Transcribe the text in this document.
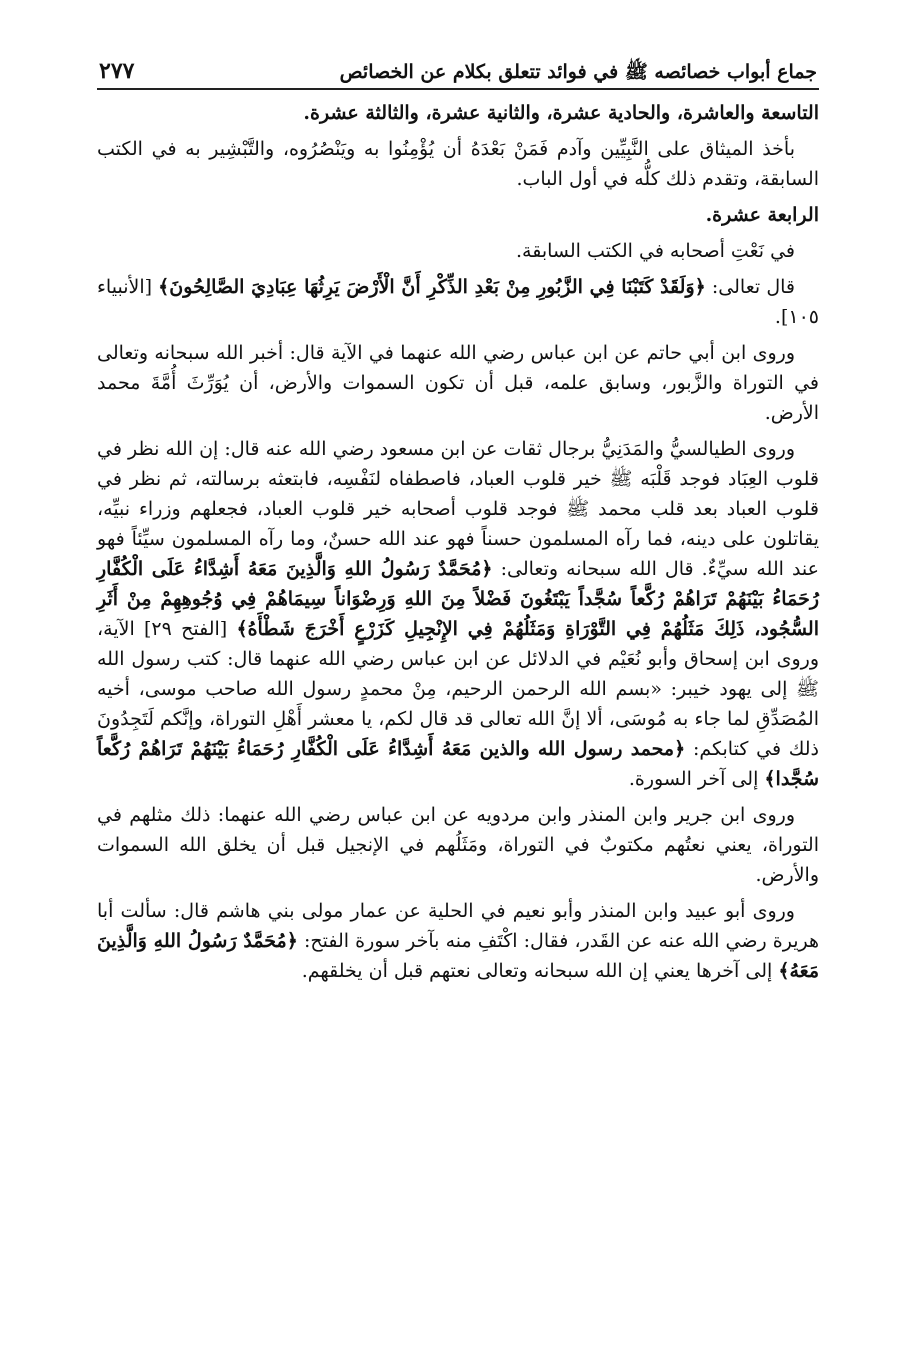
جماع أبواب خصائصه ﷺ في فوائد تتعلق بكلام عن الخصائص
٢٧٧

التاسعة والعاشرة، والحادية عشرة، والثانية عشرة، والثالثة عشرة.

بأخذ الميثاق على النَّبِيِّين وآدم فَمَنْ بَعْدَهُ أن يُؤْمِنُوا به ويَنْصُرُوه، والتَّبْشِير به في الكتب السابقة، وتقدم ذلك كلُّه في أول الباب.

الرابعة عشرة.

في نَعْتِ أصحابه في الكتب السابقة.

قال تعالى: ﴿وَلَقَدْ كَتَبْنَا فِي الزَّبُورِ مِنْ بَعْدِ الذِّكْرِ أَنَّ الْأَرْضَ يَرِثُهَا عِبَادِيَ الصَّالِحُونَ﴾ [الأنبياء ١٠٥].

وروى ابن أبي حاتم عن ابن عباس رضي الله عنهما في الآية قال: أخبر الله سبحانه وتعالى في التوراة والزَّبور، وسابق علمه، قبل أن تكون السموات والأرض، أن يُوَرِّثَ أُمَّةَ محمد الأرض.

وروى الطيالسيُّ والمَدَنِيُّ برجال ثقات عن ابن مسعود رضي الله عنه قال: إن الله نظر في قلوب العِبَاد فوجد قَلْبَه ﷺ خير قلوب العباد، فاصطفاه لنَفْسِه، فابتعثه برسالته، ثم نظر في قلوب العباد بعد قلب محمد ﷺ فوجد قلوب أصحابه خير قلوب العباد، فجعلهم وزراء نبيِّه، يقاتلون على دينه، فما رآه المسلمون حسناً فهو عند الله حسنٌ، وما رآه المسلمون سيِّئاً فهو عند الله سيِّءٌ. قال الله سبحانه وتعالى: ﴿مُحَمَّدٌ رَسُولُ اللهِ وَالَّذِينَ مَعَهُ أَشِدَّاءُ عَلَى الْكُفَّارِ رُحَمَاءُ بَيْنَهُمْ تَرَاهُمْ رُكَّعاً سُجَّداً يَبْتَغُونَ فَضْلاً مِنَ اللهِ وَرِضْوَاناً سِيمَاهُمْ فِي وُجُوهِهِمْ مِنْ أَثَرِ السُّجُود، ذَلِكَ مَثَلُهُمْ فِي التَّوْرَاةِ وَمَثَلُهُمْ فِي الإِنْجِيلِ كَزَرْعٍ أَخْرَجَ شَطْأَهُ﴾ [الفتح ٢٩] الآية، وروى ابن إسحاق وأبو نُعَيْم في الدلائل عن ابن عباس رضي الله عنهما قال: كتب رسول الله ﷺ إلى يهود خيبر: «بسم الله الرحمن الرحيم، مِنْ محمدٍ رسول الله صاحب موسى، أخيه المُصَدِّقِ لما جاء به مُوسَى، ألا إنَّ الله تعالى قد قال لكم، يا معشر أَهْلِ التوراة، وإنَّكم لَتَجِدُونَ ذلك في كتابكم: ﴿محمد رسول الله والذين مَعَهُ أَشِدَّاءُ عَلَى الْكُفَّارِ رُحَمَاءُ بَيْنَهُمْ تَرَاهُمْ رُكَّعاً سُجَّدا﴾ إلى آخر السورة.

وروى ابن جرير وابن المنذر وابن مردويه عن ابن عباس رضي الله عنهما: ذلك مثلهم في التوراة، يعني نعتُهم مكتوبٌ في التوراة، ومَثَلُهم في الإنجيل قبل أن يخلق الله السموات والأرض.

وروى أبو عبيد وابن المنذر وأبو نعيم في الحلية عن عمار مولى بني هاشم قال: سألت أبا هريرة رضي الله عنه عن القَدر، فقال: اكْتَفِ منه بآخر سورة الفتح: ﴿مُحَمَّدٌ رَسُولُ اللهِ وَالَّذِينَ مَعَهُ﴾ إلى آخرها يعني إن الله سبحانه وتعالى نعتهم قبل أن يخلقهم.
